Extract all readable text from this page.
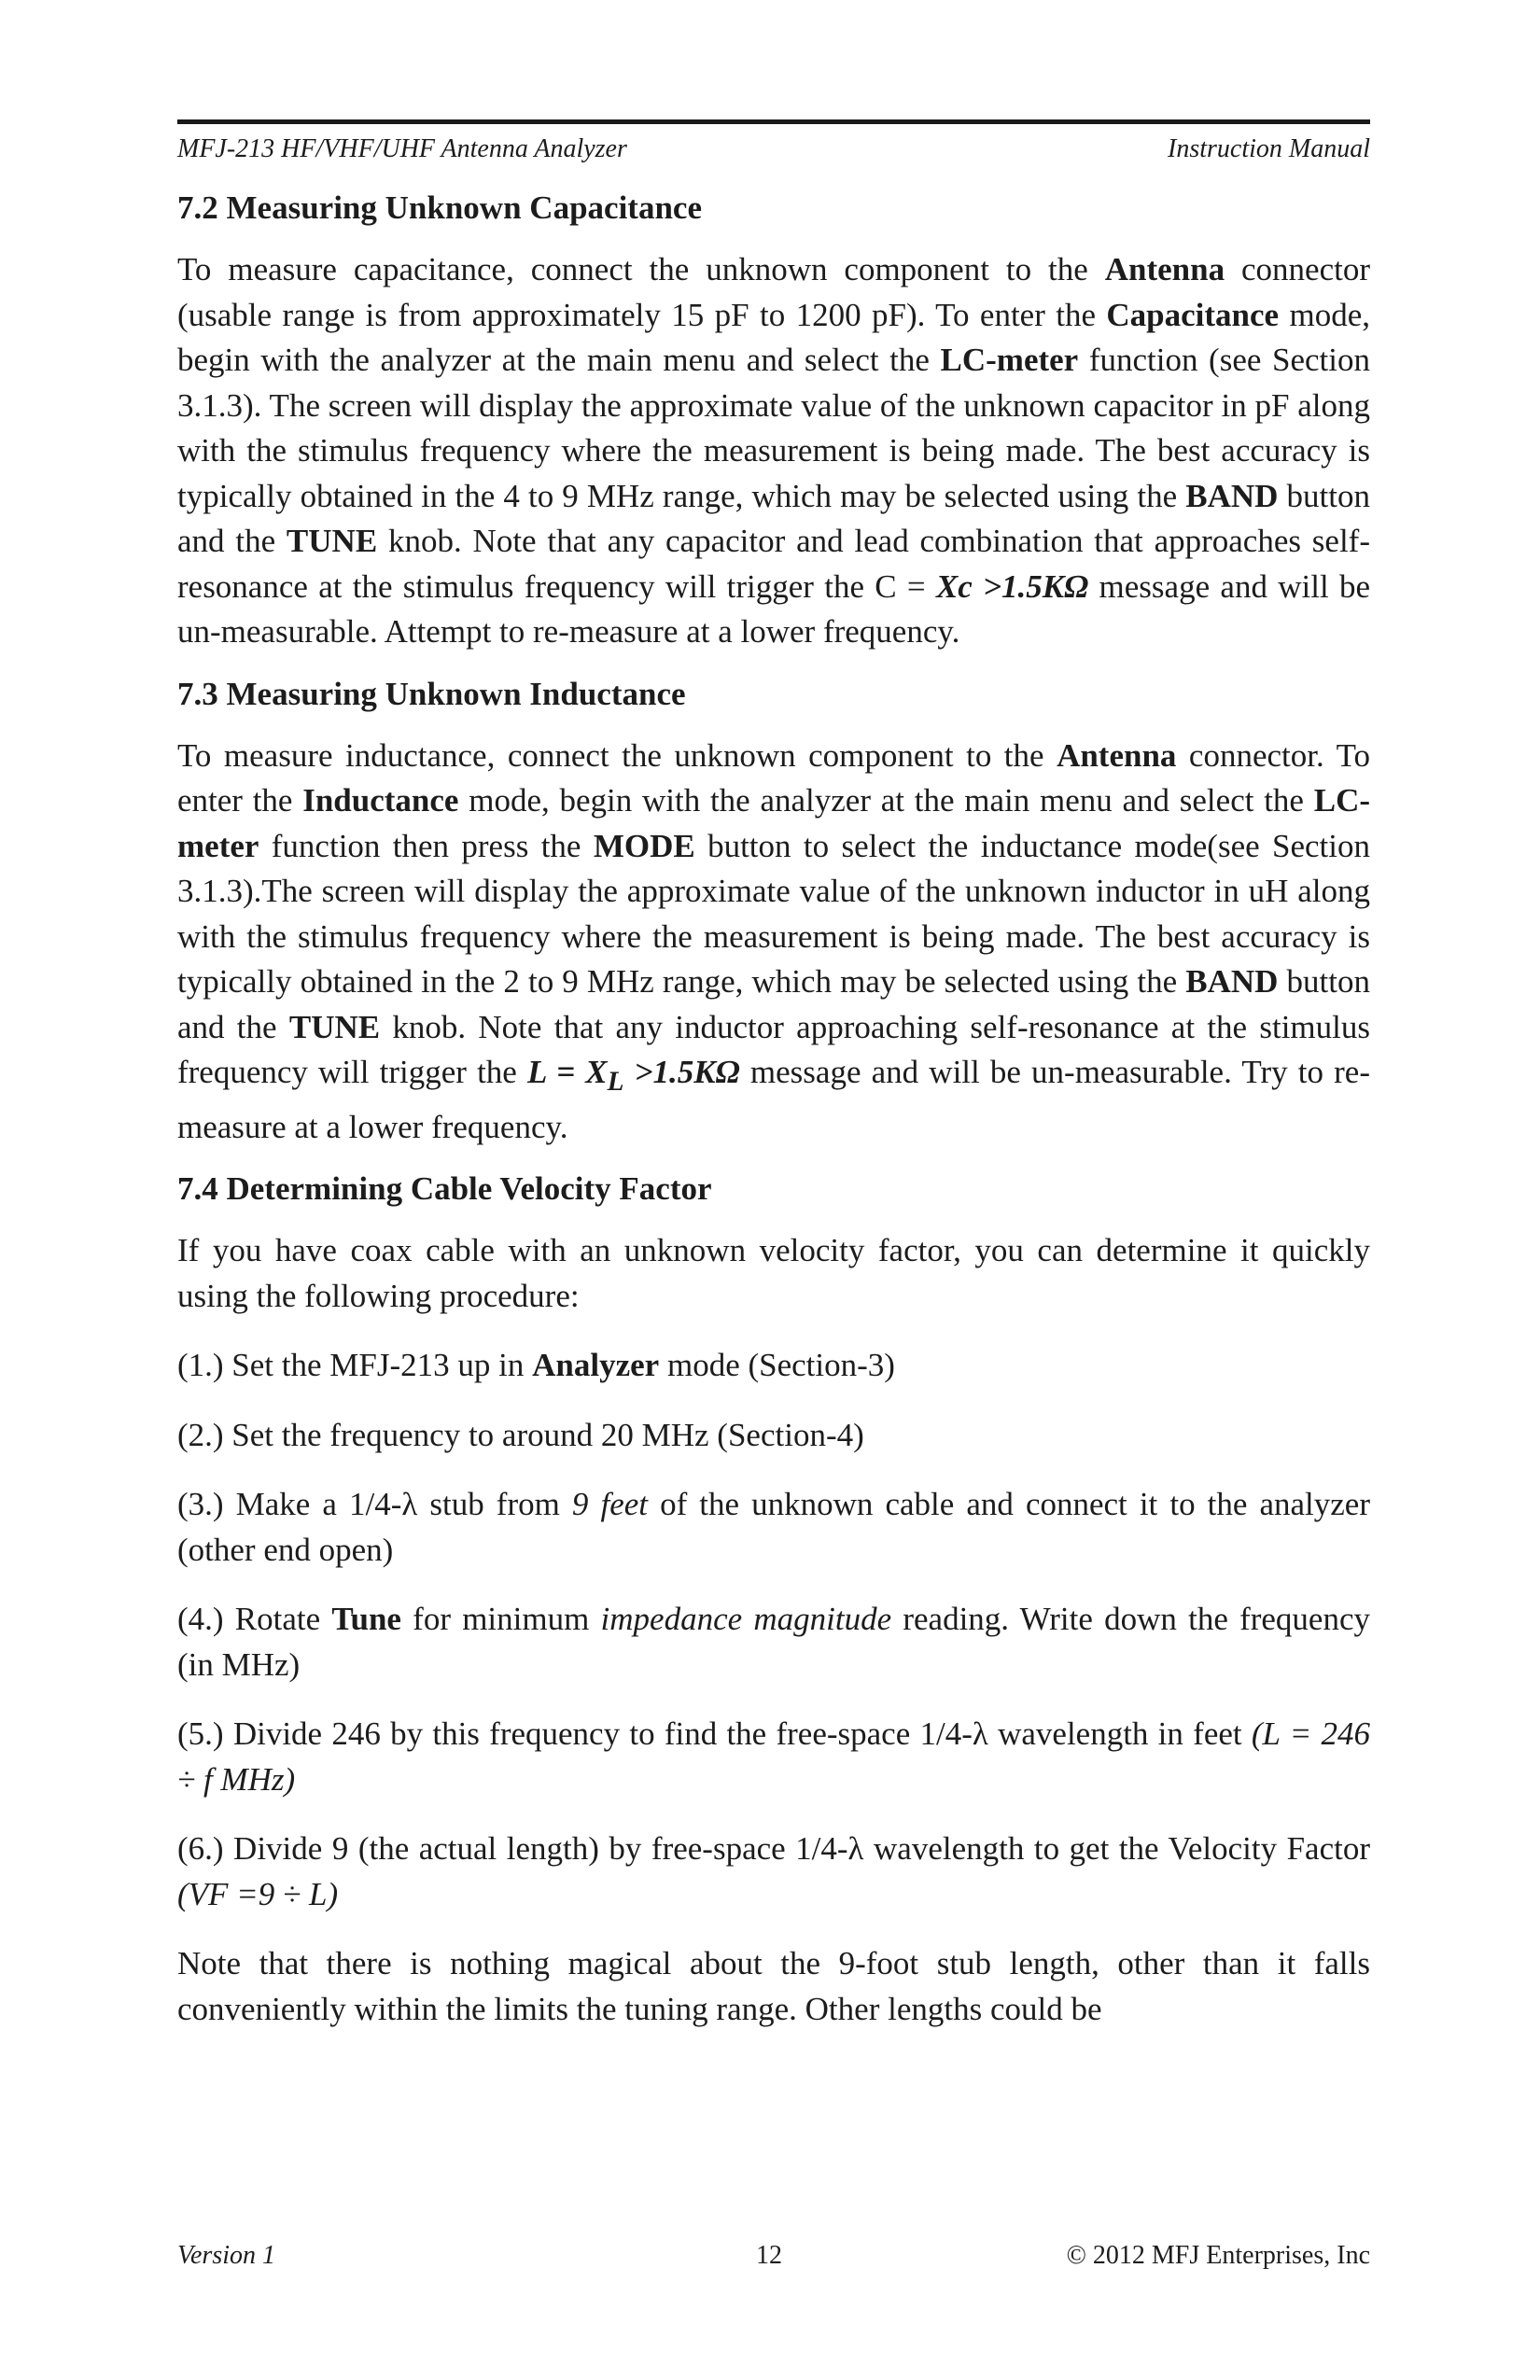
MFJ-213 HF/VHF/UHF Antenna Analyzer	Instruction Manual
7.2 Measuring Unknown Capacitance

To measure capacitance, connect the unknown component to the Antenna connector (usable range is from approximately 15 pF to 1200 pF). To enter the Capacitance mode, begin with the analyzer at the main menu and select the LC-meter function (see Section 3.1.3). The screen will display the approximate value of the unknown capacitor in pF along with the stimulus frequency where the measurement is being made. The best accuracy is typically obtained in the 4 to 9 MHz range, which may be selected using the BAND button and the TUNE knob. Note that any capacitor and lead combination that approaches self-resonance at the stimulus frequency will trigger the C = Xc >1.5KΩ message and will be un-measurable. Attempt to re-measure at a lower frequency.

7.3 Measuring Unknown Inductance

To measure inductance, connect the unknown component to the Antenna connector. To enter the Inductance mode, begin with the analyzer at the main menu and select the LC-meter function then press the MODE button to select the inductance mode(see Section 3.1.3).The screen will display the approximate value of the unknown inductor in uH along with the stimulus frequency where the measurement is being made. The best accuracy is typically obtained in the 2 to 9 MHz range, which may be selected using the BAND button and the TUNE knob. Note that any inductor approaching self-resonance at the stimulus frequency will trigger the $L = X_L >1.5K\Omega$ message and will be un-measurable. Try to re-measure at a lower frequency.

7.4 Determining Cable Velocity Factor

If you have coax cable with an unknown velocity factor, you can determine it quickly using the following procedure:

(1.) Set the MFJ-213 up in Analyzer mode (Section-3)

(2.) Set the frequency to around 20 MHz (Section-4)

(3.) Make a 1/4-λ stub from 9 feet of the unknown cable and connect it to the analyzer (other end open)

(4.) Rotate Tune for minimum impedance magnitude reading. Write down the frequency (in MHz)

(5.) Divide 246 by this frequency to find the free-space 1/4-λ wavelength in feet (L = 246 ÷ f MHz)

(6.) Divide 9 (the actual length) by free-space 1/4-λ wavelength to get the Velocity Factor (VF =9 ÷ L)

Note that there is nothing magical about the 9-foot stub length, other than it falls conveniently within the limits the tuning range. Other lengths could be

Version 1	12	© 2012 MFJ Enterprises, Inc
